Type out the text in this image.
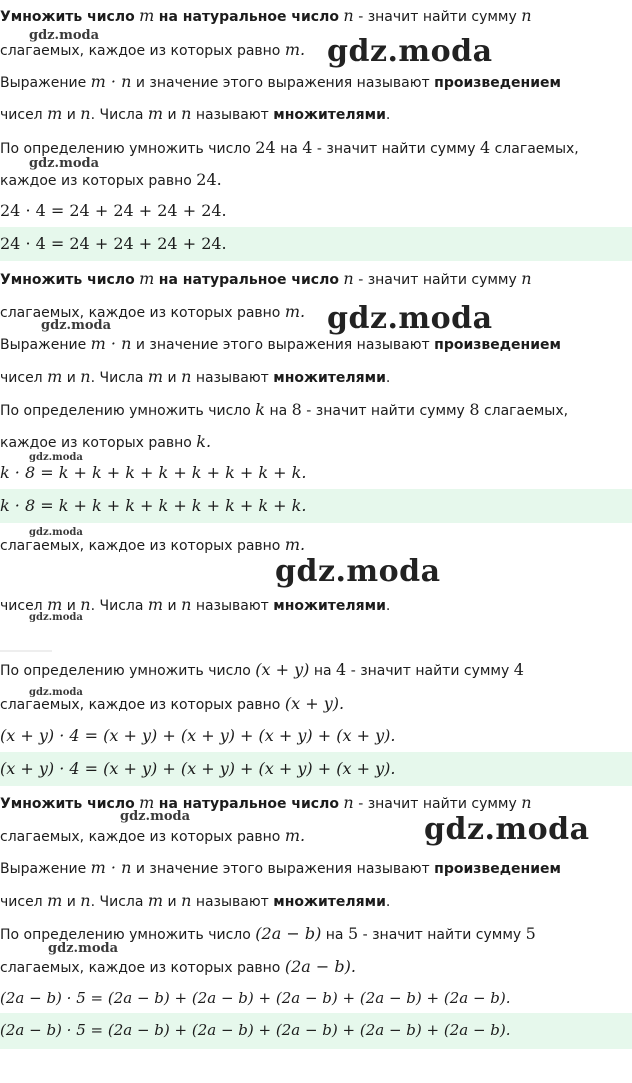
Умножить число m на натуральное число n - значит найти сумму n
слагаемых, каждое из которых равно m.
Выражение m · n и значение этого выражения называют произведением
чисел m и n. Числа m и n называют множителями.
По определению умножить число 24 на 4 - значит найти сумму 4 слагаемых,
каждое из которых равно 24.
24 · 4 = 24 + 24 + 24 + 24.
24 · 4 = 24 + 24 + 24 + 24.
Умножить число m на натуральное число n - значит найти сумму n
слагаемых, каждое из которых равно m.
Выражение m · n и значение этого выражения называют произведением
чисел m и n. Числа m и n называют множителями.
По определению умножить число k на 8 - значит найти сумму 8 слагаемых,
каждое из которых равно k.
k · 8 = k + k + k + k + k + k + k + k.
k · 8 = k + k + k + k + k + k + k + k.
слагаемых, каждое из которых равно m.
чисел m и n. Числа m и n называют множителями.
По определению умножить число (x + y) на 4 - значит найти сумму 4
слагаемых, каждое из которых равно (x + y).
(x + y) · 4 = (x + y) + (x + y) + (x + y) + (x + y).
(x + y) · 4 = (x + y) + (x + y) + (x + y) + (x + y).
Умножить число m на натуральное число n - значит найти сумму n
слагаемых, каждое из которых равно m.
Выражение m · n и значение этого выражения называют произведением
чисел m и n. Числа m и n называют множителями.
По определению умножить число (2a − b) на 5 - значит найти сумму 5
слагаемых, каждое из которых равно (2a − b).
(2a − b) · 5 = (2a − b) + (2a − b) + (2a − b) + (2a − b) + (2a − b).
(2a − b) · 5 = (2a − b) + (2a − b) + (2a − b) + (2a − b) + (2a − b).
gdz.moda	gdz.moda
gdz.moda
gdz.moda
gdz.moda
gdz.moda
gdz.moda
gdz.moda
gdz.moda
gdz.moda
gdz.moda	gdz.moda
gdz.moda
